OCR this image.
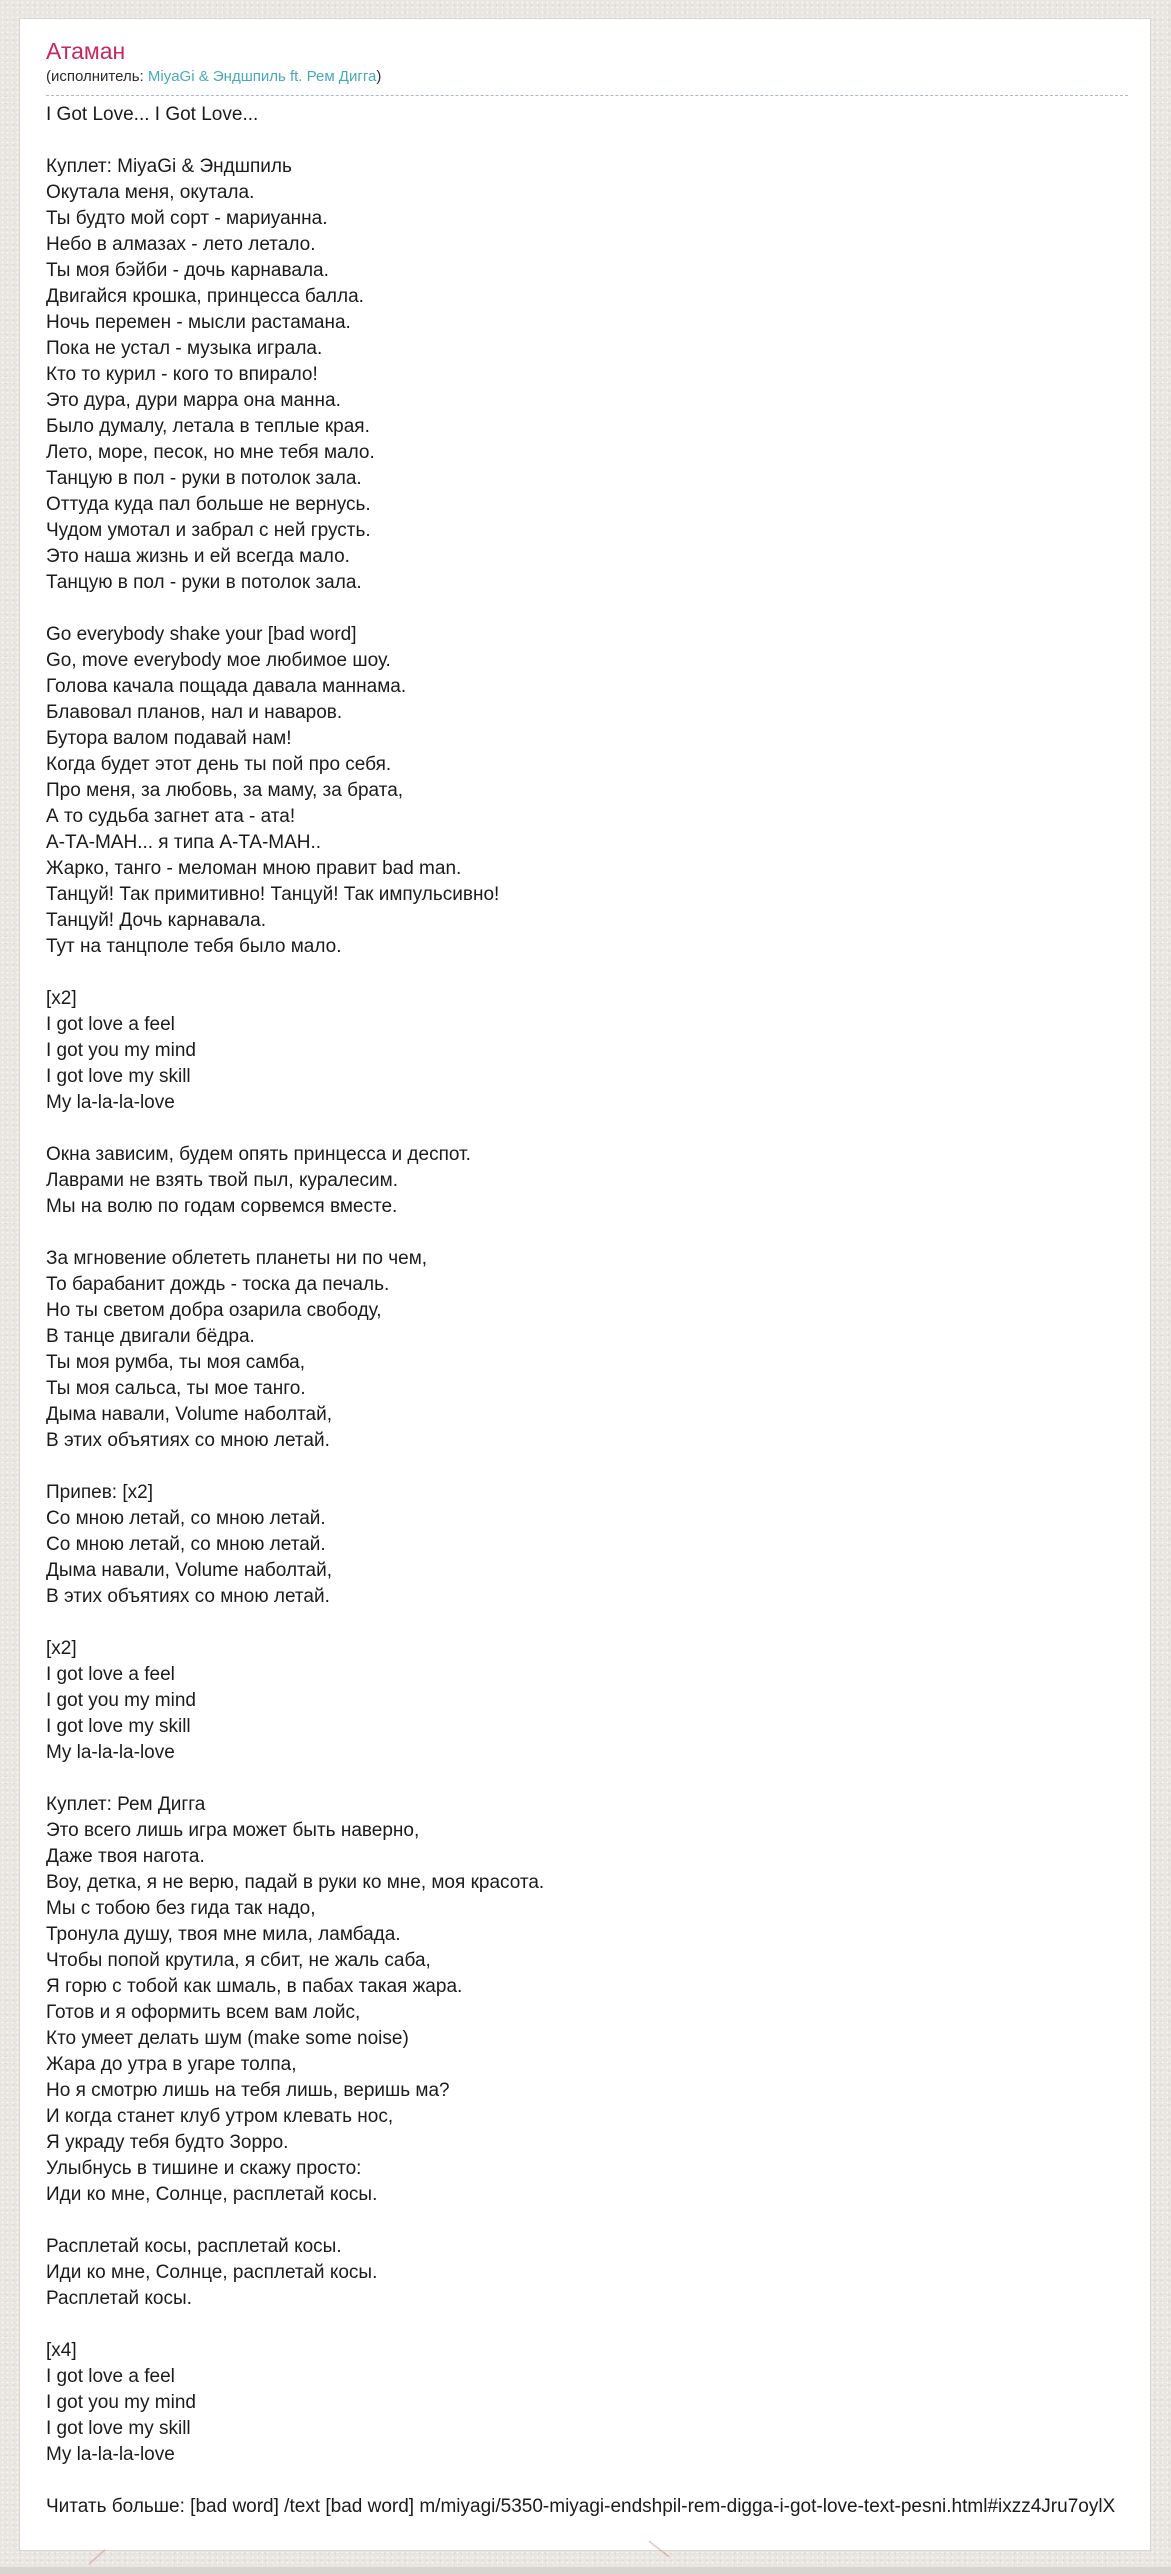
Атаман
(исполнитель: MiyaGi & Эндшпиль ft. Рем Дигга)
I Got Love... I Got Love...
Куплет: MiyaGi & Эндшпиль
Окутала меня, окутала.
Ты будто мой сорт - мариуанна.
Небо в алмазах - лето летало.
Ты моя бэйби - дочь карнавала.
Двигайся крошка, принцесса балла.
Ночь перемен - мысли растамана.
Пока не устал - музыка играла.
Кто то курил - кого то впирало!
Это дура, дури марра она манна.
Было думалу, летала в теплые края.
Лето, море, песок, но мне тебя мало.
Танцую в пол - руки в потолок зала.
Оттуда куда пал больше не вернусь.
Чудом умотал и забрал с ней грусть.
Это наша жизнь и ей всегда мало.
Танцую в пол - руки в потолок зала.
Go everybody shake your [bad word]
Go, move everybody мое любимое шоу.
Голова качала пощада давала маннама.
Блавовал планов, нал и наваров.
Бутора валом подавай нам!
Когда будет этот день ты пой про себя.
Про меня, за любовь, за маму, за брата,
А то судьба загнет ата - ата!
А-ТА-МАН... я типа А-ТА-МАН..
Жарко, танго - меломан мною правит bad man.
Танцуй! Так примитивно! Танцуй! Так импульсивно!
Танцуй! Дочь карнавала.
Тут на танцполе тебя было мало.
[x2]
I got love a feel
I got you my mind
I got love my skill
My la-la-la-love
Окна зависим, будем опять принцесса и деспот.
Лаврами не взять твой пыл, куралесим.
Мы на волю по годам сорвемся вместе.
За мгновение облететь планеты ни по чем,
То барабанит дождь - тоска да печаль.
Но ты светом добра озарила свободу,
В танце двигали бёдра.
Ты моя румба, ты моя самба,
Ты моя сальса, ты мое танго.
Дыма навали, Volume наболтай,
В этих объятиях со мною летай.
Припев: [x2]
Со мною летай, со мною летай.
Со мною летай, со мною летай.
Дыма навали, Volume наболтай,
В этих объятиях со мною летай.
[x2]
I got love a feel
I got you my mind
I got love my skill
My la-la-la-love
Куплет: Рем Дигга
Это всего лишь игра может быть наверно,
Даже твоя нагота.
Воу, детка, я не верю, падай в руки ко мне, моя красота.
Мы с тобою без гида так надо,
Тронула душу, твоя мне мила, ламбада.
Чтобы попой крутила, я сбит, не жаль саба,
Я горю с тобой как шмаль, в пабах такая жара.
Готов и я оформить всем вам лойс,
Кто умеет делать шум (make some noise)
Жара до утра в угаре толпа,
Но я смотрю лишь на тебя лишь, веришь ма?
И когда станет клуб утром клевать нос,
Я украду тебя будто Зорро.
Улыбнусь в тишине и скажу просто:
Иди ко мне, Солнце, расплетай косы.
Расплетай косы, расплетай косы.
Иди ко мне, Солнце, расплетай косы.
Расплетай косы.
[x4]
I got love a feel
I got you my mind
I got love my skill
My la-la-la-love
Читать больше: [bad word] /text [bad word] m/miyagi/5350-miyagi-endshpil-rem-digga-i-got-love-text-pesni.html#ixzz4Jru7oylX
